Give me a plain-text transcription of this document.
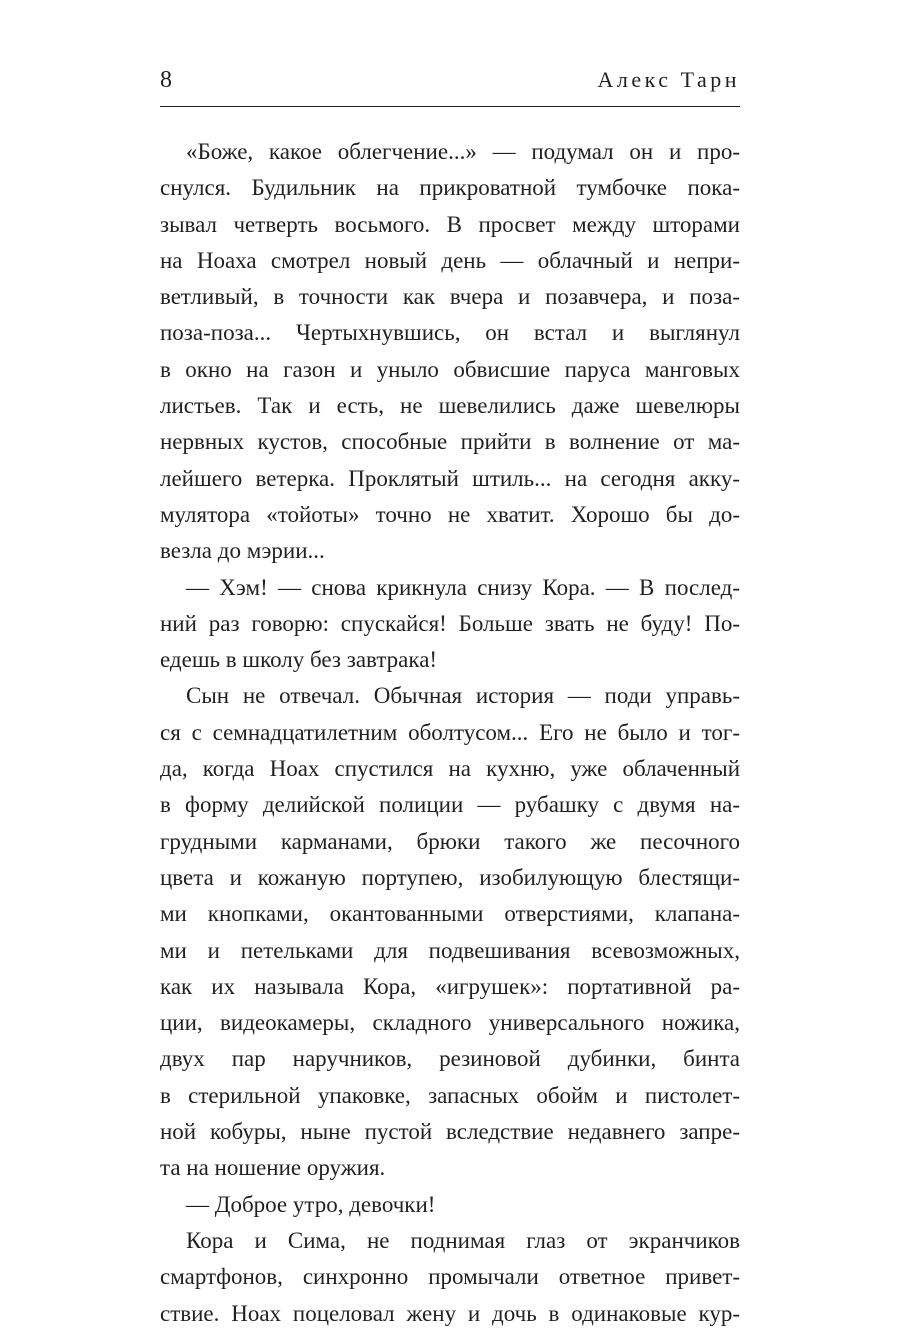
8	Алекс Тарн
«Боже, какое облегчение...» — подумал он и про-
снулся. Будильник на прикроватной тумбочке пока-
зывал четверть восьмого. В просвет между шторами
на Ноаха смотрел новый день — облачный и непри-
ветливый, в точности как вчера и позавчера, и поза-
поза-поза... Чертыхнувшись, он встал и выглянул
в окно на газон и уныло обвисшие паруса манговых
листьев. Так и есть, не шевелились даже шевелюры
нервных кустов, способные прийти в волнение от ма-
лейшего ветерка. Проклятый штиль... на сегодня акку-
мулятора «тойоты» точно не хватит. Хорошо бы до-
везла до мэрии...
— Хэм! — снова крикнула снизу Кора. — В послед-
ний раз говорю: спускайся! Больше звать не буду! По-
едешь в школу без завтрака!
Сын не отвечал. Обычная история — поди управь-
ся с семнадцатилетним оболтусом... Его не было и тог-
да, когда Ноах спустился на кухню, уже облаченный
в форму делийской полиции — рубашку с двумя на-
грудными карманами, брюки такого же песочного
цвета и кожаную портупею, изобилующую блестящи-
ми кнопками, окантованными отверстиями, клапана-
ми и петельками для подвешивания всевозможных,
как их называла Кора, «игрушек»: портативной ра-
ции, видеокамеры, складного универсального ножика,
двух пар наручников, резиновой дубинки, бинта
в стерильной упаковке, запасных обойм и пистолет-
ной кобуры, ныне пустой вследствие недавнего запре-
та на ношение оружия.
— Доброе утро, девочки!
Кора и Сима, не поднимая глаз от экранчиков
смартфонов, синхронно промычали ответное привет-
ствие. Ноах поцеловал жену и дочь в одинаковые кур-
